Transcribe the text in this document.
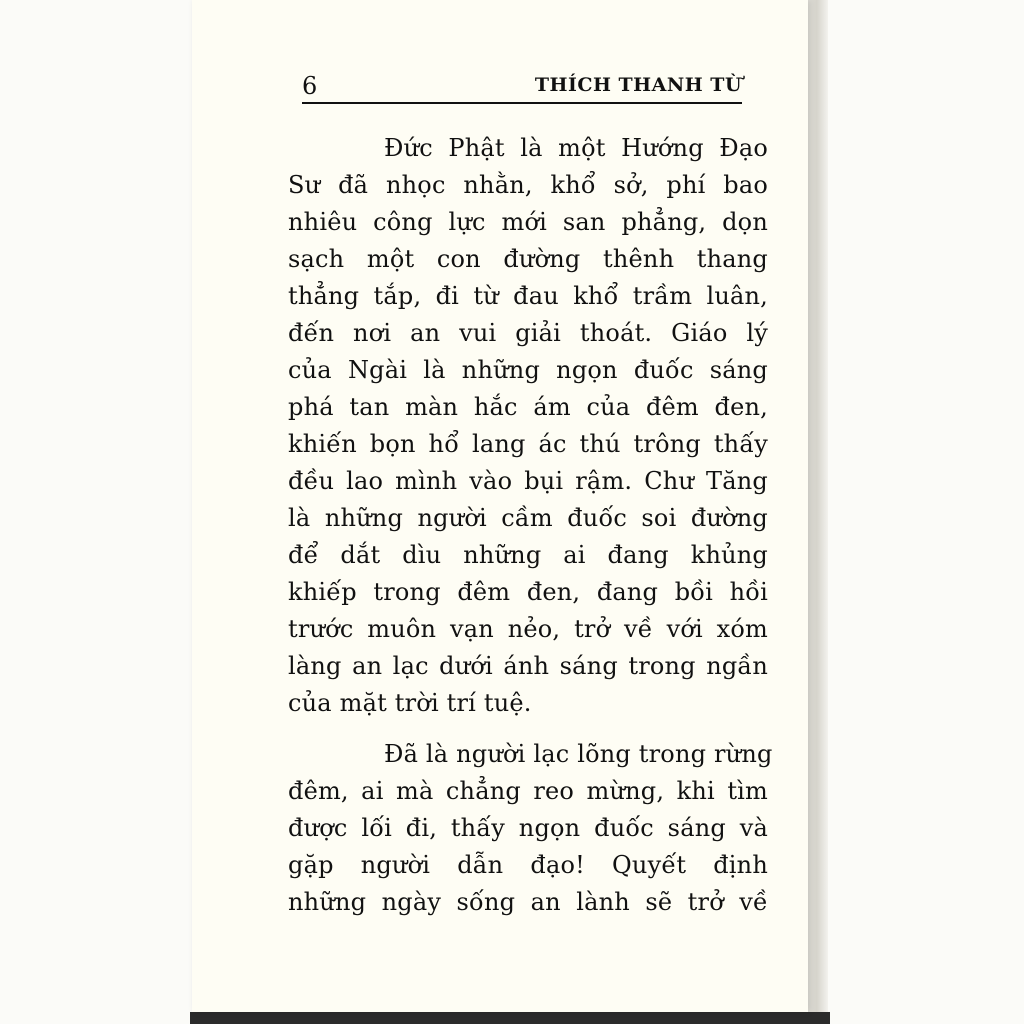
6	THÍCH THANH TỪ
Đức Phật là một Hướng Đạo
Sư đã nhọc nhằn, khổ sở, phí bao
nhiêu công lực mới san phẳng, dọn
sạch một con đường thênh thang
thẳng tắp, đi từ đau khổ trầm luân,
đến nơi an vui giải thoát. Giáo lý
của Ngài là những ngọn đuốc sáng
phá tan màn hắc ám của đêm đen,
khiến bọn hổ lang ác thú trông thấy
đều lao mình vào bụi rậm. Chư Tăng
là những người cầm đuốc soi đường
để dắt dìu những ai đang khủng
khiếp trong đêm đen, đang bồi hồi
trước muôn vạn nẻo, trở về với xóm
làng an lạc dưới ánh sáng trong ngần
của mặt trời trí tuệ.
Đã là người lạc lõng trong rừng
đêm, ai mà chẳng reo mừng, khi tìm
được lối đi, thấy ngọn đuốc sáng và
gặp người dẫn đạo! Quyết định
những ngày sống an lành sẽ trở về
